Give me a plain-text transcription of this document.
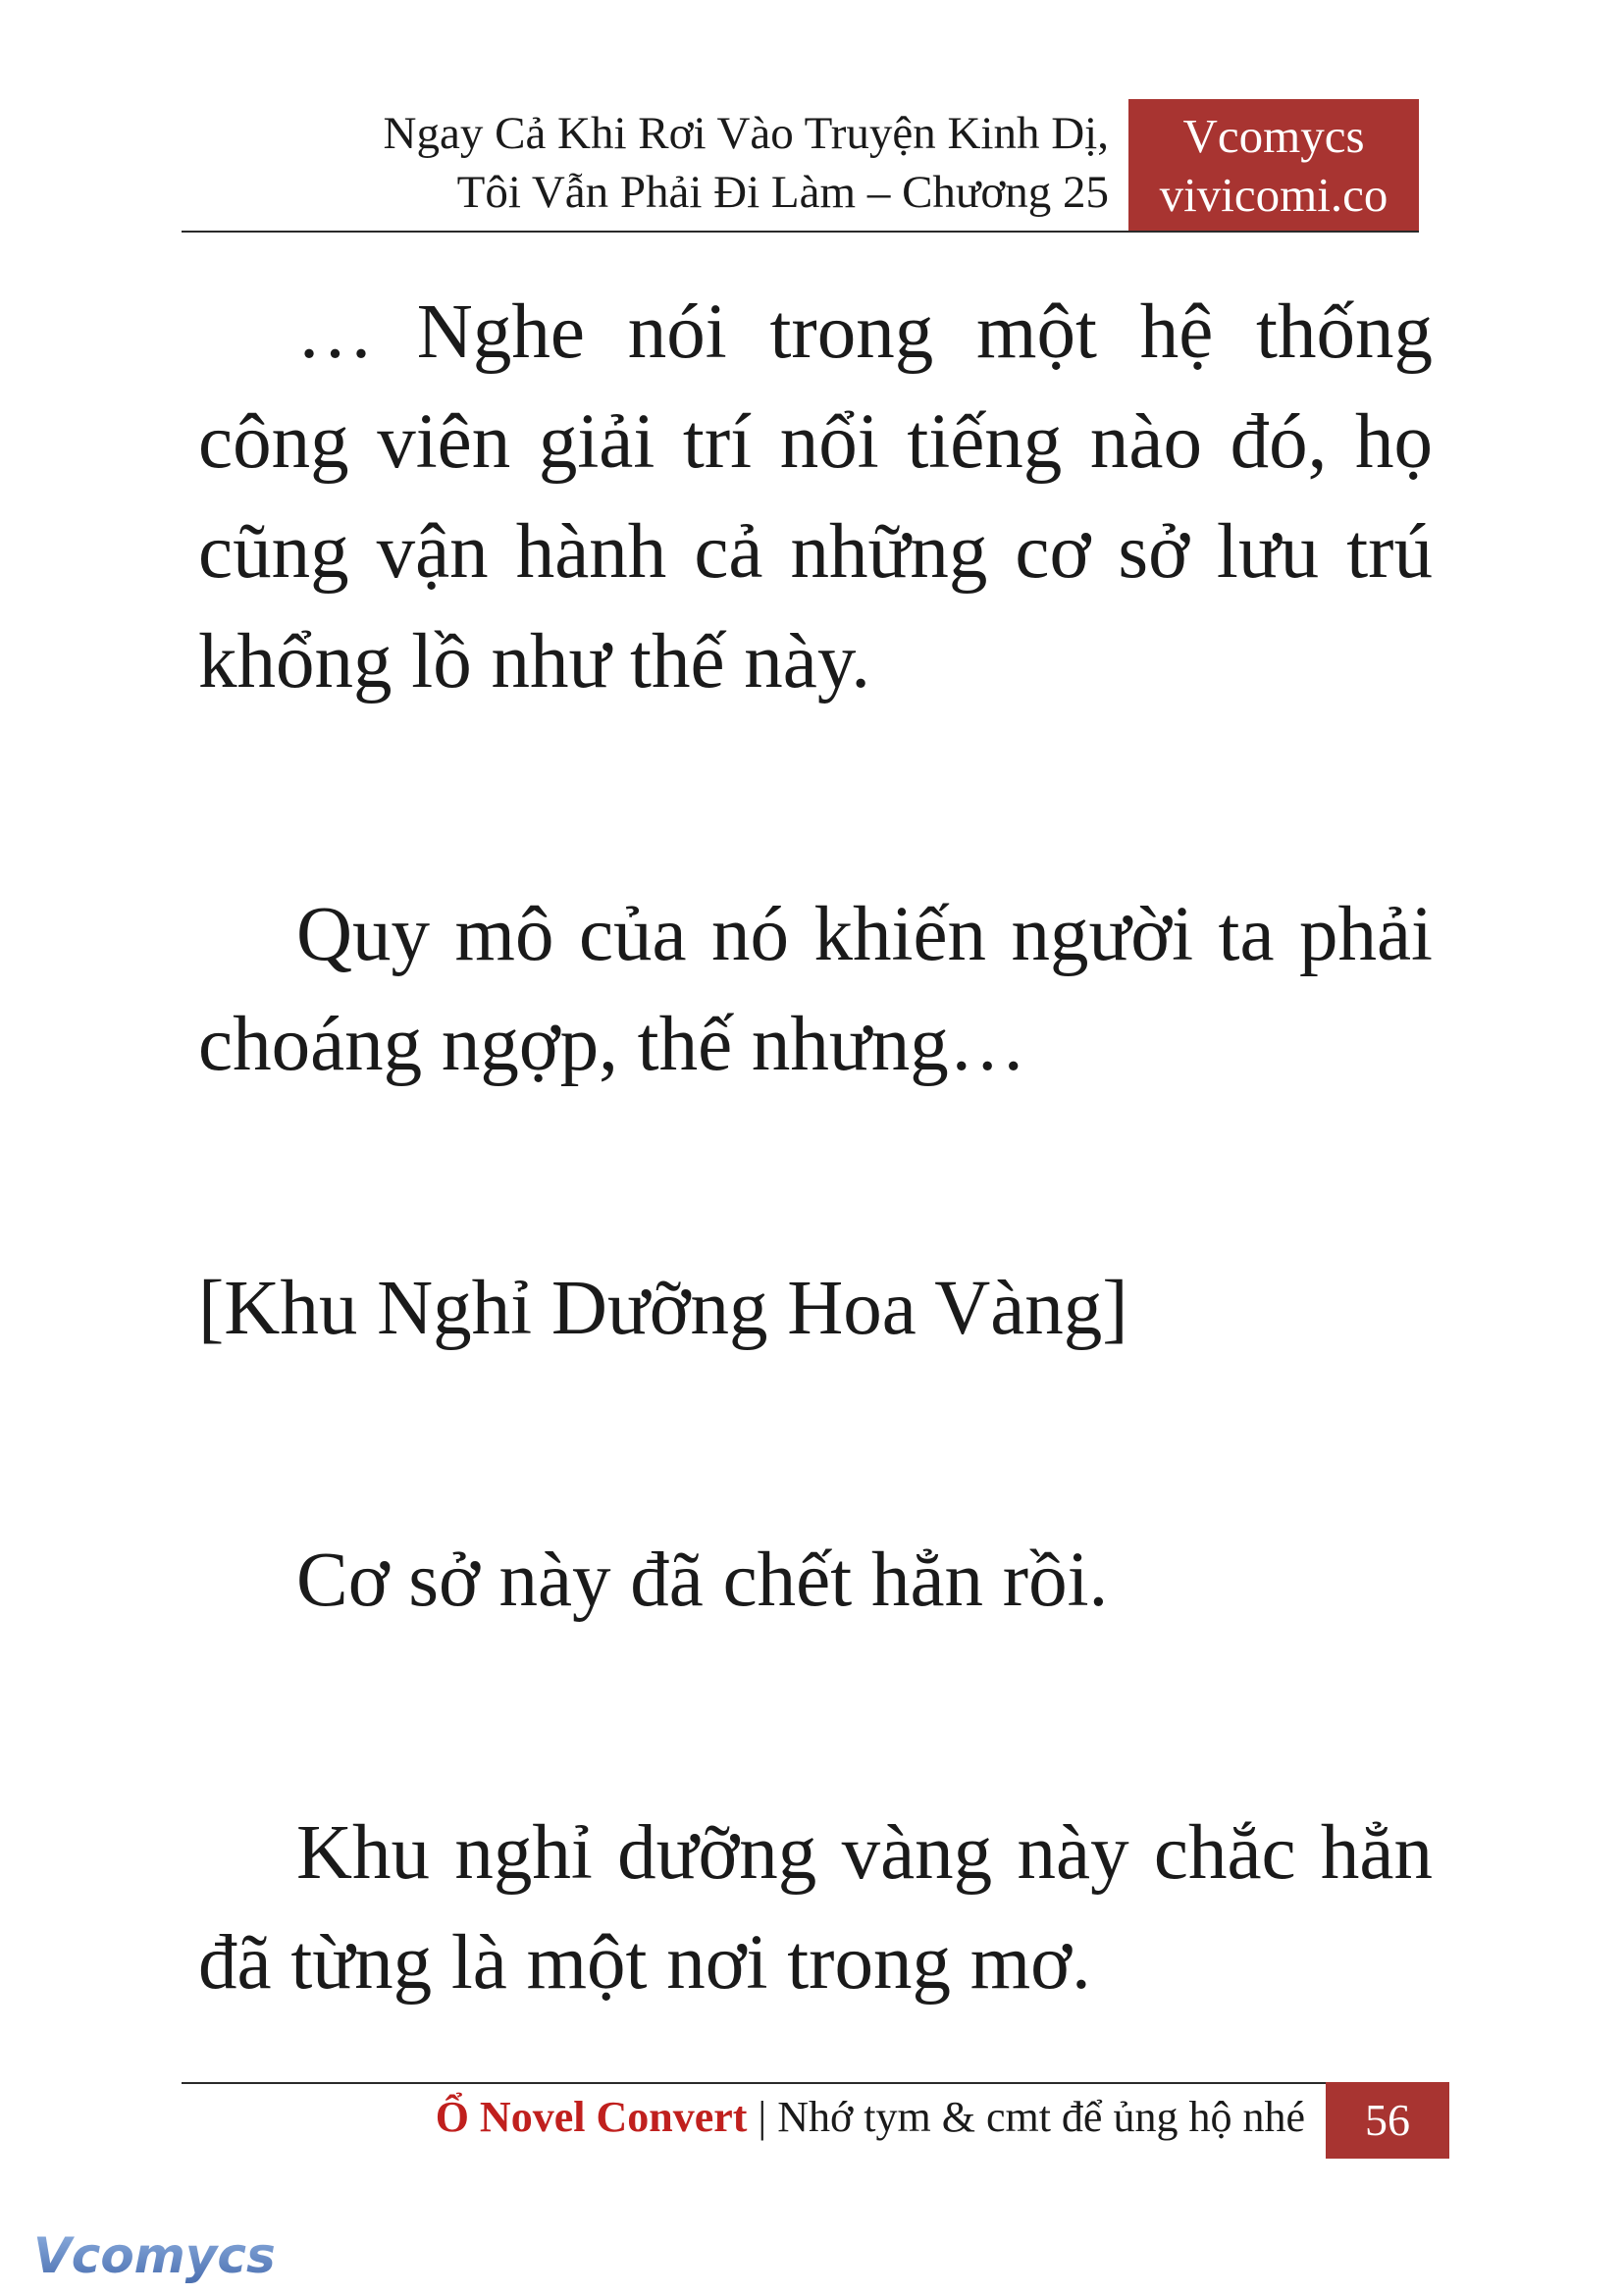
Ngay Cả Khi Rơi Vào Truyện Kinh Dị,
Tôi Vẫn Phải Đi Làm – Chương 25
Vcomycs
vivicomi.co

… Nghe nói trong một hệ thống công viên giải trí nổi tiếng nào đó, họ cũng vận hành cả những cơ sở lưu trú khổng lồ như thế này.

Quy mô của nó khiến người ta phải choáng ngợp, thế nhưng…

[Khu Nghỉ Dưỡng Hoa Vàng]

Cơ sở này đã chết hẳn rồi.

Khu nghỉ dưỡng vàng này chắc hẳn đã từng là một nơi trong mơ.

Ổ Novel Convert | Nhớ tym & cmt để ủng hộ nhé	56
Vcomycs
